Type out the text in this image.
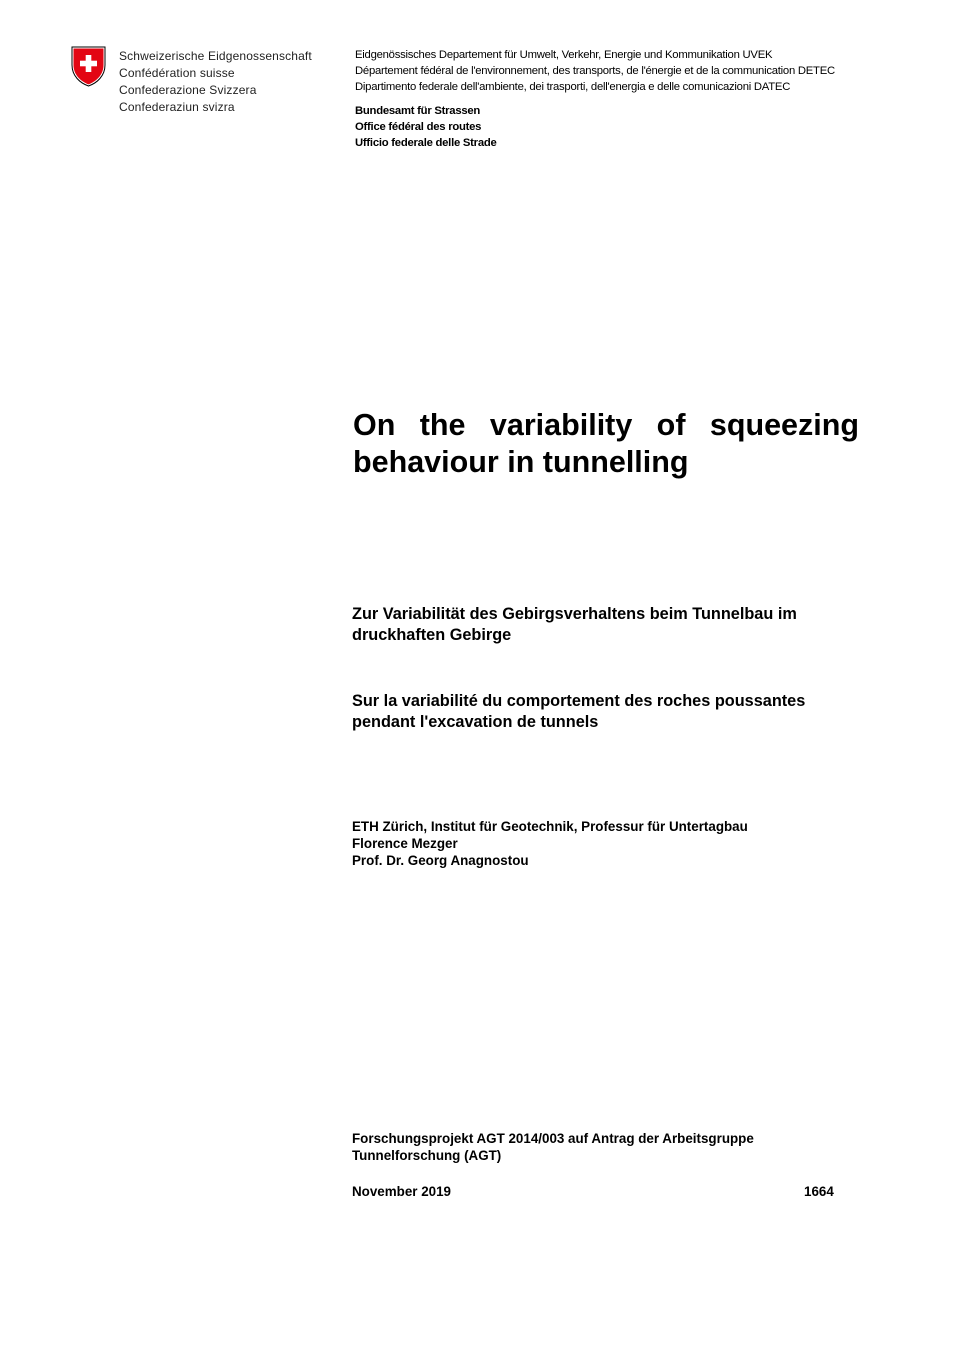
Schweizerische Eidgenossenschaft
Confédération suisse
Confederazione Svizzera
Confederaziun svizra
Eidgenössisches Departement für Umwelt, Verkehr, Energie und Kommunikation UVEK
Département fédéral de l'environnement, des transports, de l'énergie et de la communication DETEC
Dipartimento federale dell'ambiente, dei trasporti, dell'energia e delle comunicazioni DATEC
Bundesamt für Strassen
Office fédéral des routes
Ufficio federale delle Strade
On the variability of squeezing behaviour in tunnelling

Zur Variabilität des Gebirgsverhaltens beim Tunnelbau im druckhaften Gebirge

Sur la variabilité du comportement des roches poussantes pendant l'excavation de tunnels

ETH Zürich, Institut für Geotechnik, Professur für Untertagbau
Florence Mezger
Prof. Dr. Georg Anagnostou
Forschungsprojekt AGT 2014/003 auf Antrag der Arbeitsgruppe
Tunnelforschung (AGT)
November 2019	1664
